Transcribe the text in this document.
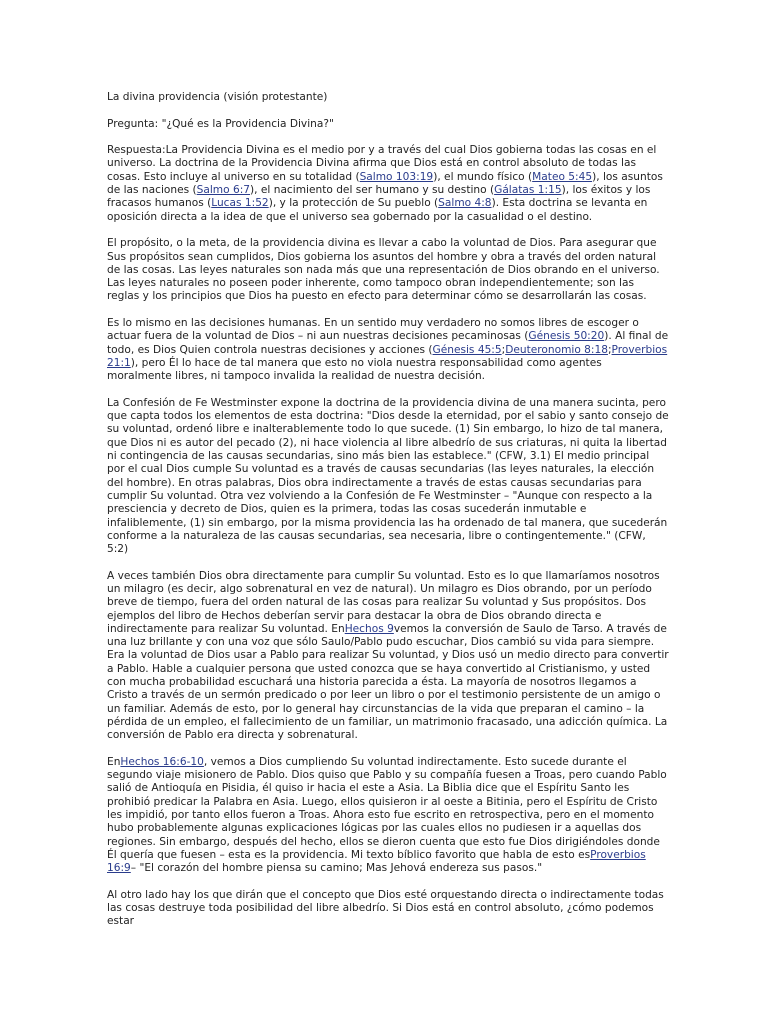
La divina providencia (visión protestante)

Pregunta: "¿Qué es la Providencia Divina?"

Respuesta:La Providencia Divina es el medio por y a través del cual Dios gobierna todas las cosas en el universo. La doctrina de la Providencia Divina afirma que Dios está en control absoluto de todas las cosas. Esto incluye al universo en su totalidad (Salmo 103:19), el mundo físico (Mateo 5:45), los asuntos de las naciones (Salmo 6:7), el nacimiento del ser humano y su destino (Gálatas 1:15), los éxitos y los fracasos humanos (Lucas 1:52), y la protección de Su pueblo (Salmo 4:8). Esta doctrina se levanta en oposición directa a la idea de que el universo sea gobernado por la casualidad o el destino.

El propósito, o la meta, de la providencia divina es llevar a cabo la voluntad de Dios. Para asegurar que Sus propósitos sean cumplidos, Dios gobierna los asuntos del hombre y obra a través del orden natural de las cosas. Las leyes naturales son nada más que una representación de Dios obrando en el universo. Las leyes naturales no poseen poder inherente, como tampoco obran independientemente; son las reglas y los principios que Dios ha puesto en efecto para determinar cómo se desarrollarán las cosas.

Es lo mismo en las decisiones humanas. En un sentido muy verdadero no somos libres de escoger o actuar fuera de la voluntad de Dios – ni aun nuestras decisiones pecaminosas (Génesis 50:20). Al final de todo, es Dios Quien controla nuestras decisiones y acciones (Génesis 45:5;Deuteronomio 8:18;Proverbios 21:1), pero Él lo hace de tal manera que esto no viola nuestra responsabilidad como agentes moralmente libres, ni tampoco invalida la realidad de nuestra decisión.

La Confesión de Fe Westminster expone la doctrina de la providencia divina de una manera sucinta, pero que capta todos los elementos de esta doctrina: "Dios desde la eternidad, por el sabio y santo consejo de su voluntad, ordenó libre e inalterablemente todo lo que sucede. (1) Sin embargo, lo hizo de tal manera, que Dios ni es autor del pecado (2), ni hace violencia al libre albedrío de sus criaturas, ni quita la libertad ni contingencia de las causas secundarias, sino más bien las establece." (CFW, 3.1) El medio principal por el cual Dios cumple Su voluntad es a través de causas secundarias (las leyes naturales, la elección del hombre). En otras palabras, Dios obra indirectamente a través de estas causas secundarias para cumplir Su voluntad. Otra vez volviendo a la Confesión de Fe Westminster – "Aunque con respecto a la presciencia y decreto de Dios, quien es la primera, todas las cosas sucederán inmutable e infaliblemente, (1) sin embargo, por la misma providencia las ha ordenado de tal manera, que sucederán conforme a la naturaleza de las causas secundarias, sea necesaria, libre o contingentemente." (CFW, 5:2)

A veces también Dios obra directamente para cumplir Su voluntad. Esto es lo que llamaríamos nosotros un milagro (es decir, algo sobrenatural en vez de natural). Un milagro es Dios obrando, por un período breve de tiempo, fuera del orden natural de las cosas para realizar Su voluntad y Sus propósitos. Dos ejemplos del libro de Hechos deberían servir para destacar la obra de Dios obrando directa e indirectamente para realizar Su voluntad. EnHechos 9vemos la conversión de Saulo de Tarso. A través de una luz brillante y con una voz que sólo Saulo/Pablo pudo escuchar, Dios cambió su vida para siempre. Era la voluntad de Dios usar a Pablo para realizar Su voluntad, y Dios usó un medio directo para convertir a Pablo. Hable a cualquier persona que usted conozca que se haya convertido al Cristianismo, y usted con mucha probabilidad escuchará una historia parecida a ésta. La mayoría de nosotros llegamos a Cristo a través de un sermón predicado o por leer un libro o por el testimonio persistente de un amigo o un familiar. Además de esto, por lo general hay circunstancias de la vida que preparan el camino – la pérdida de un empleo, el fallecimiento de un familiar, un matrimonio fracasado, una adicción química. La conversión de Pablo era directa y sobrenatural.

EnHechos 16:6-10, vemos a Dios cumpliendo Su voluntad indirectamente. Esto sucede durante el segundo viaje misionero de Pablo. Dios quiso que Pablo y su compañía fuesen a Troas, pero cuando Pablo salió de Antioquía en Pisidia, él quiso ir hacia el este a Asia. La Biblia dice que el Espíritu Santo les prohibió predicar la Palabra en Asia. Luego, ellos quisieron ir al oeste a Bitinia, pero el Espíritu de Cristo les impidió, por tanto ellos fueron a Troas. Ahora esto fue escrito en retrospectiva, pero en el momento hubo probablemente algunas explicaciones lógicas por las cuales ellos no pudiesen ir a aquellas dos regiones. Sin embargo, después del hecho, ellos se dieron cuenta que esto fue Dios dirigiéndoles donde Él quería que fuesen – esta es la providencia. Mi texto bíblico favorito que habla de esto esProverbios 16:9– "El corazón del hombre piensa su camino; Mas Jehová endereza sus pasos."

Al otro lado hay los que dirán que el concepto que Dios esté orquestando directa o indirectamente todas las cosas destruye toda posibilidad del libre albedrío. Si Dios está en control absoluto, ¿cómo podemos estar
